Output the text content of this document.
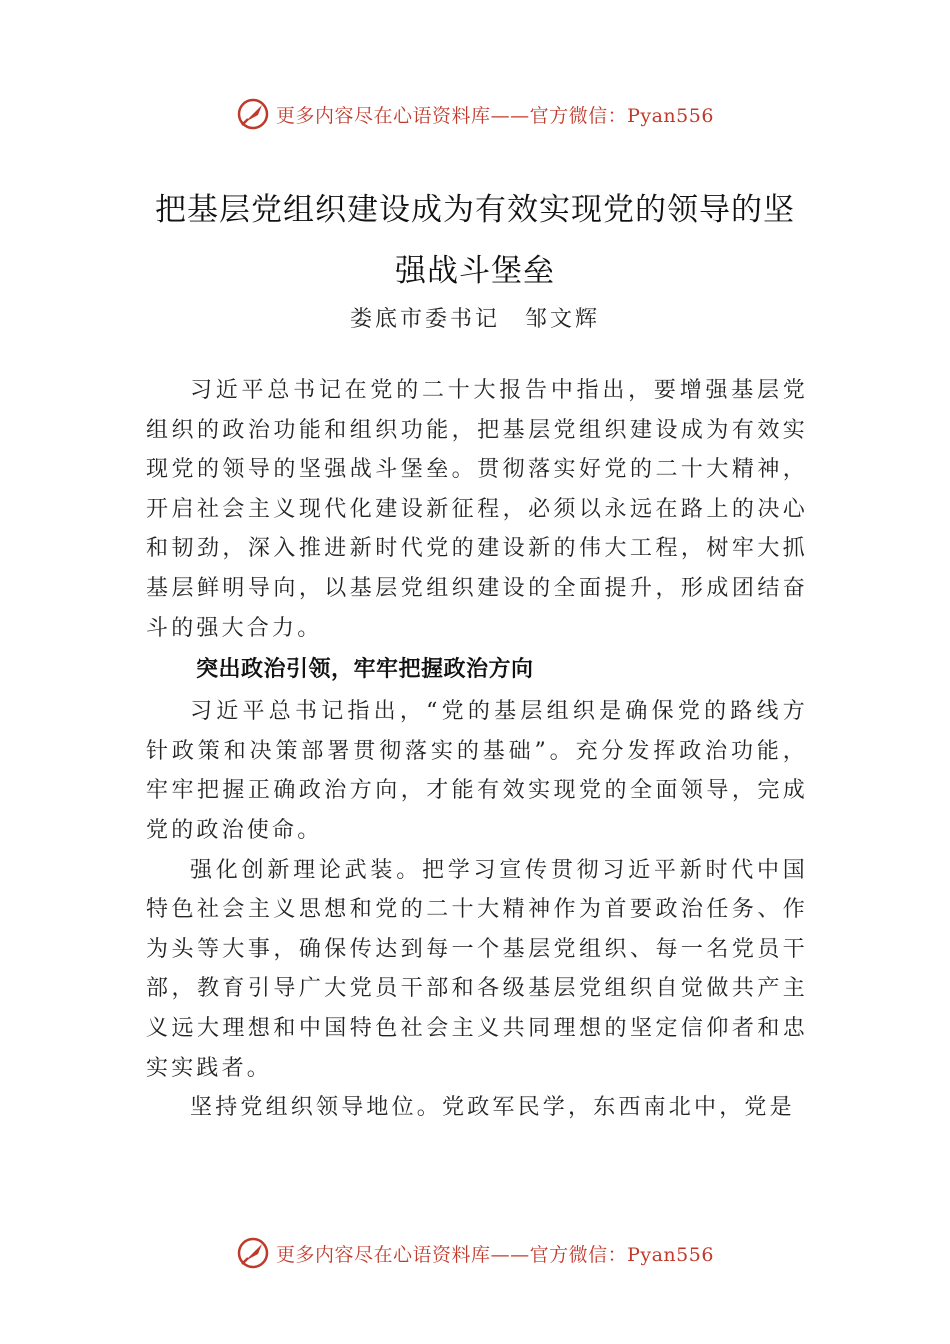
更多内容尽在心语资料库——官方微信：Pyan556
把基层党组织建设成为有效实现党的领导的坚强战斗堡垒
娄底市委书记　邹文辉

习近平总书记在党的二十大报告中指出，要增强基层党组织的政治功能和组织功能，把基层党组织建设成为有效实现党的领导的坚强战斗堡垒。贯彻落实好党的二十大精神， 开启社会主义现代化建设新征程，必须以永远在路上的决心和韧劲，深入推进新时代党的建设新的伟大工程，树牢大抓基层鲜明导向，以基层党组织建设的全面提升，形成团结奋斗的强大合力。

突出政治引领，牢牢把握政治方向

习近平总书记指出，“党的基层组织是确保党的路线方针政策和决策部署贯彻落实的基础”。充分发挥政治功能，牢牢把握正确政治方向，才能有效实现党的全面领导，完成党的政治使命。

强化创新理论武装。把学习宣传贯彻习近平新时代中国特色社会主义思想和党的二十大精神作为首要政治任务、作为头等大事，确保传达到每一个基层党组织、每一名党员干部，教育引导广大党员干部和各级基层党组织自觉做共产主义远大理想和中国特色社会主义共同理想的坚定信仰者和忠实实践者。

坚持党组织领导地位。党政军民学，东西南北中，党是

更多内容尽在心语资料库——官方微信：Pyan556
